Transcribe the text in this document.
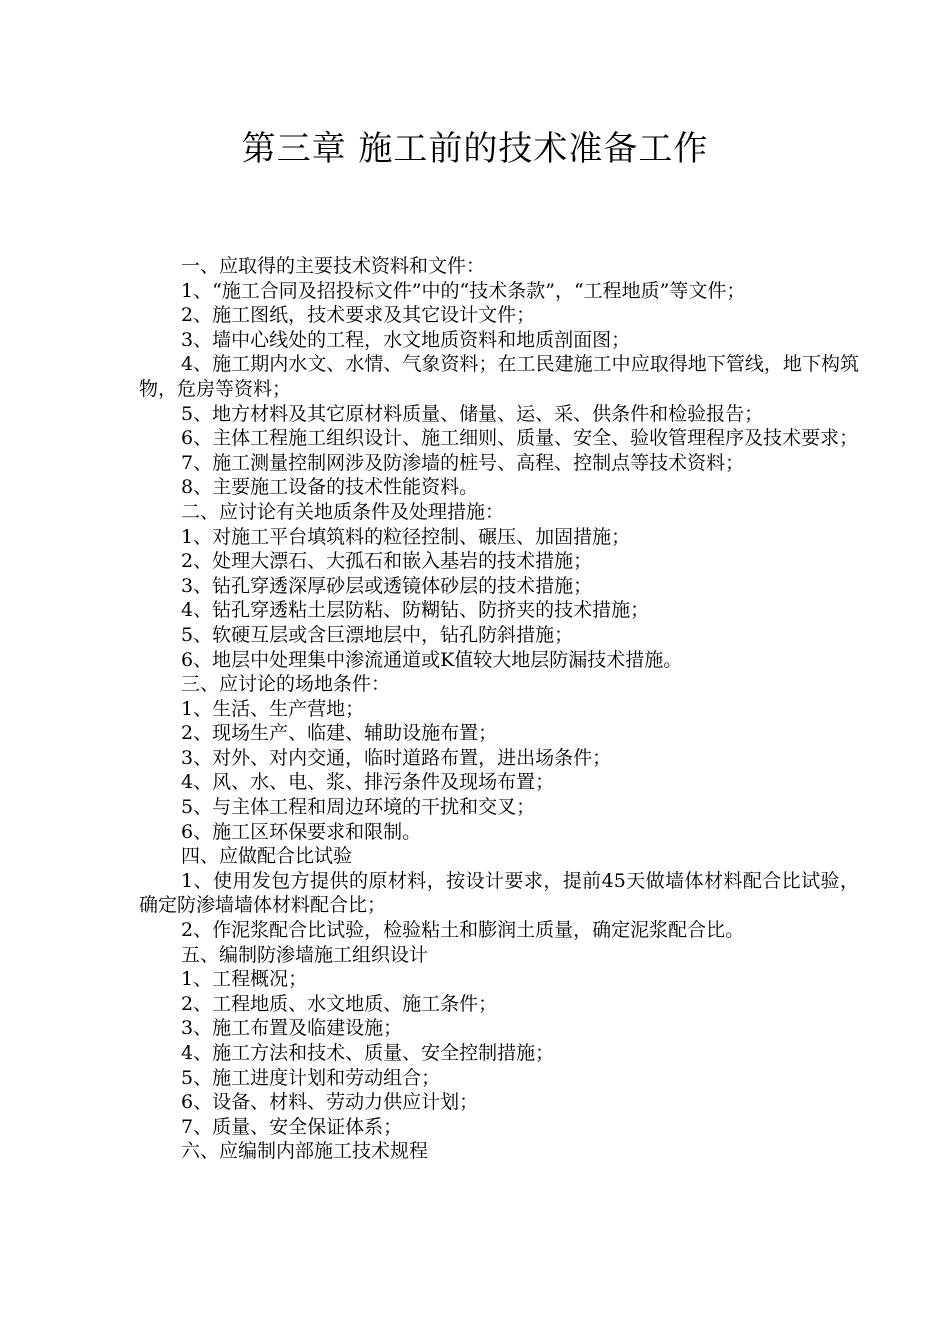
第三章 施工前的技术准备工作

一、应取得的主要技术资料和文件：

1、“施工合同及招投标文件”中的“技术条款”，“工程地质”等文件；

2、施工图纸，技术要求及其它设计文件；

3、墙中心线处的工程，水文地质资料和地质剖面图；

4、施工期内水文、水情、气象资料；在工民建施工中应取得地下管线，地下构筑物，危房等资料；

5、地方材料及其它原材料质量、储量、运、采、供条件和检验报告；

6、主体工程施工组织设计、施工细则、质量、安全、验收管理程序及技术要求；

7、施工测量控制网涉及防渗墙的桩号、高程、控制点等技术资料；

8、主要施工设备的技术性能资料。

二、应讨论有关地质条件及处理措施：

1、对施工平台填筑料的粒径控制、碾压、加固措施；

2、处理大漂石、大孤石和嵌入基岩的技术措施；

3、钻孔穿透深厚砂层或透镜体砂层的技术措施；

4、钻孔穿透粘土层防粘、防糊钻、防挤夹的技术措施；

5、软硬互层或含巨漂地层中，钻孔防斜措施；

6、地层中处理集中渗流通道或K值较大地层防漏技术措施。

三、应讨论的场地条件：

1、生活、生产营地；

2、现场生产、临建、辅助设施布置；

3、对外、对内交通，临时道路布置，进出场条件；

4、风、水、电、浆、排污条件及现场布置；

5、与主体工程和周边环境的干扰和交叉；

6、施工区环保要求和限制。

四、应做配合比试验

1、使用发包方提供的原材料，按设计要求，提前45天做墙体材料配合比试验，确定防渗墙墙体材料配合比；

2、作泥浆配合比试验，检验粘土和膨润土质量，确定泥浆配合比。

五、编制防渗墙施工组织设计

1、工程概况；

2、工程地质、水文地质、施工条件；

3、施工布置及临建设施；

4、施工方法和技术、质量、安全控制措施；

5、施工进度计划和劳动组合；

6、设备、材料、劳动力供应计划；

7、质量、安全保证体系；

六、应编制内部施工技术规程
